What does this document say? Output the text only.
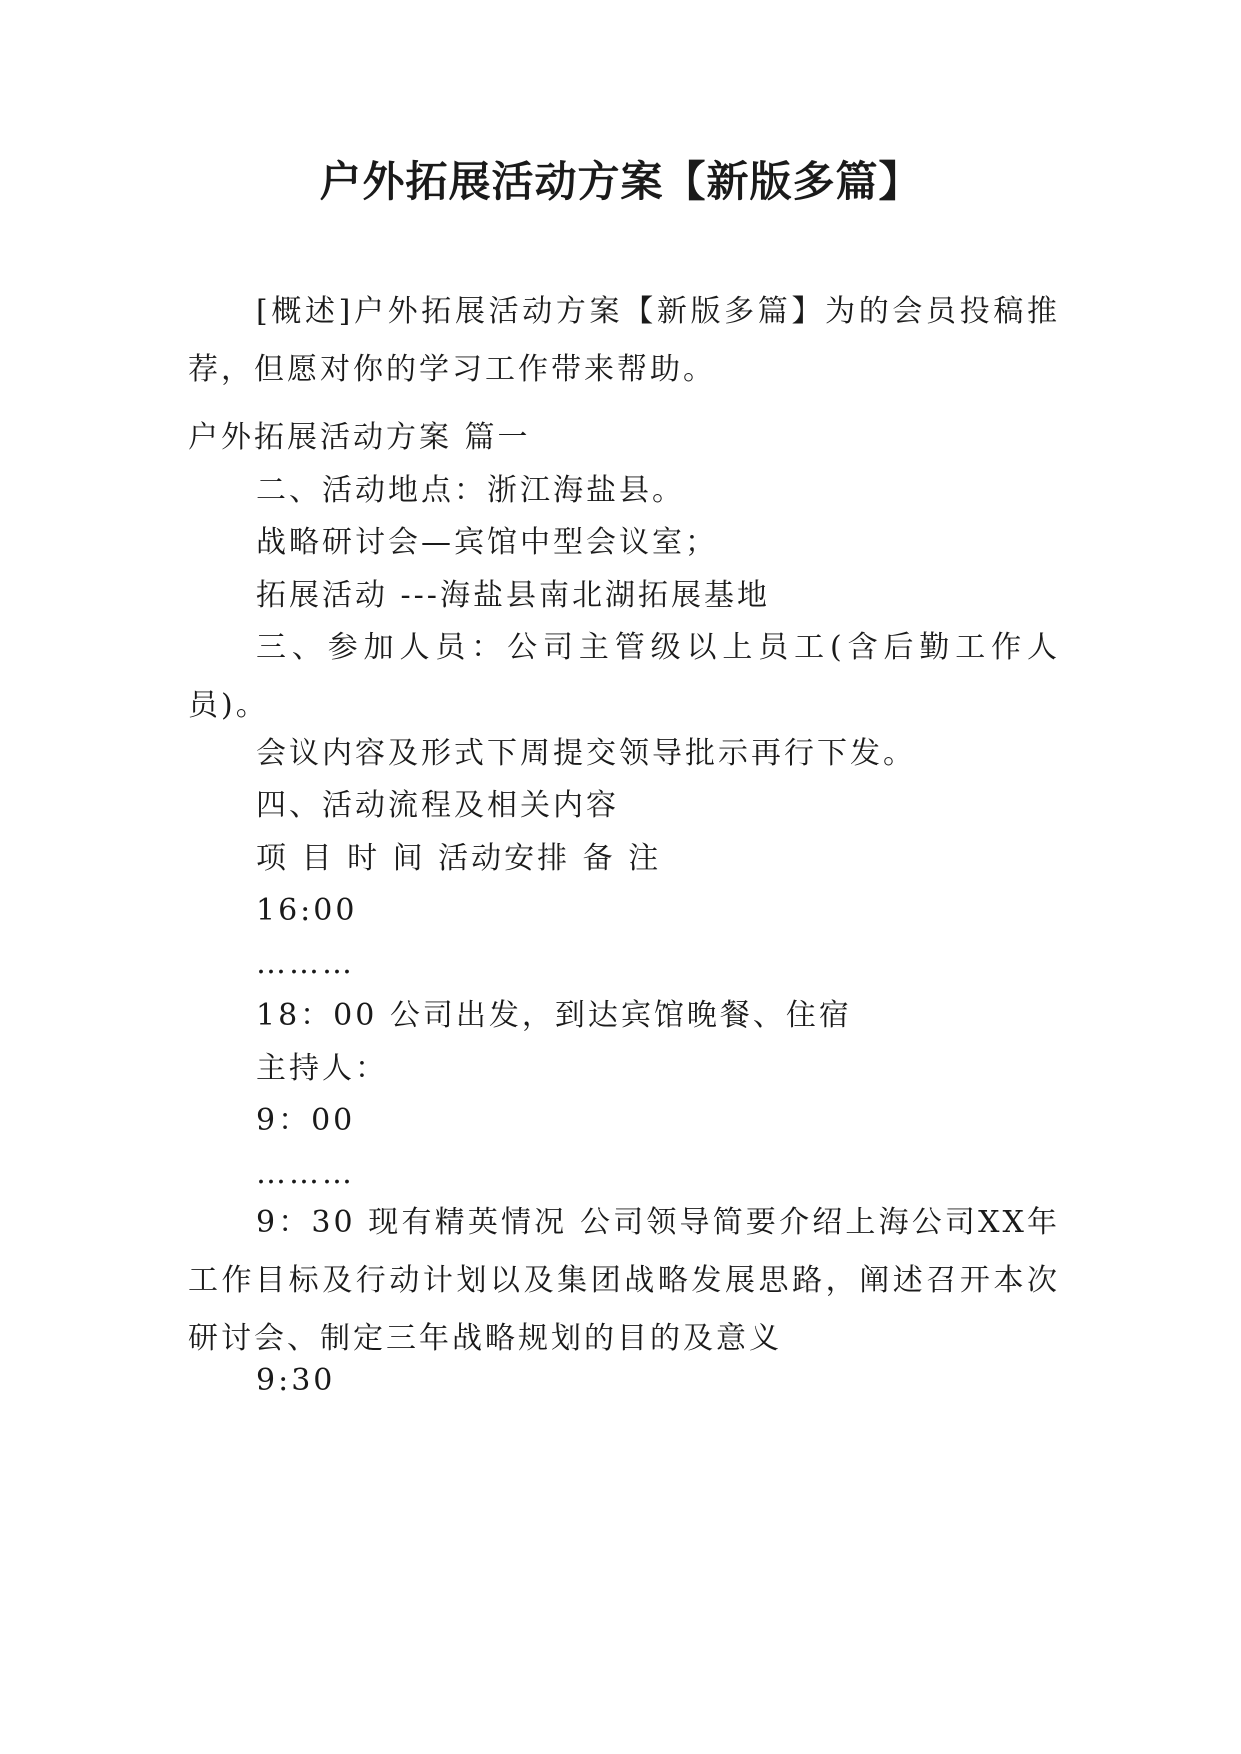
户外拓展活动方案【新版多篇】
[概述]户外拓展活动方案【新版多篇】为的会员投稿推荐，但愿对你的学习工作带来帮助。
户外拓展活动方案 篇一
二、活动地点：浙江海盐县。
战略研讨会—宾馆中型会议室；
拓展活动 ---海盐县南北湖拓展基地
三、参加人员：公司主管级以上员工(含后勤工作人员)。
会议内容及形式下周提交领导批示再行下发。
四、活动流程及相关内容
项 目 时 间 活动安排 备 注
16:00
………
18：00 公司出发，到达宾馆晚餐、住宿
主持人：
9：00
………
9：30 现有精英情况 公司领导简要介绍上海公司XX年工作目标及行动计划以及集团战略发展思路，阐述召开本次研讨会、制定三年战略规划的目的及意义
9:30
